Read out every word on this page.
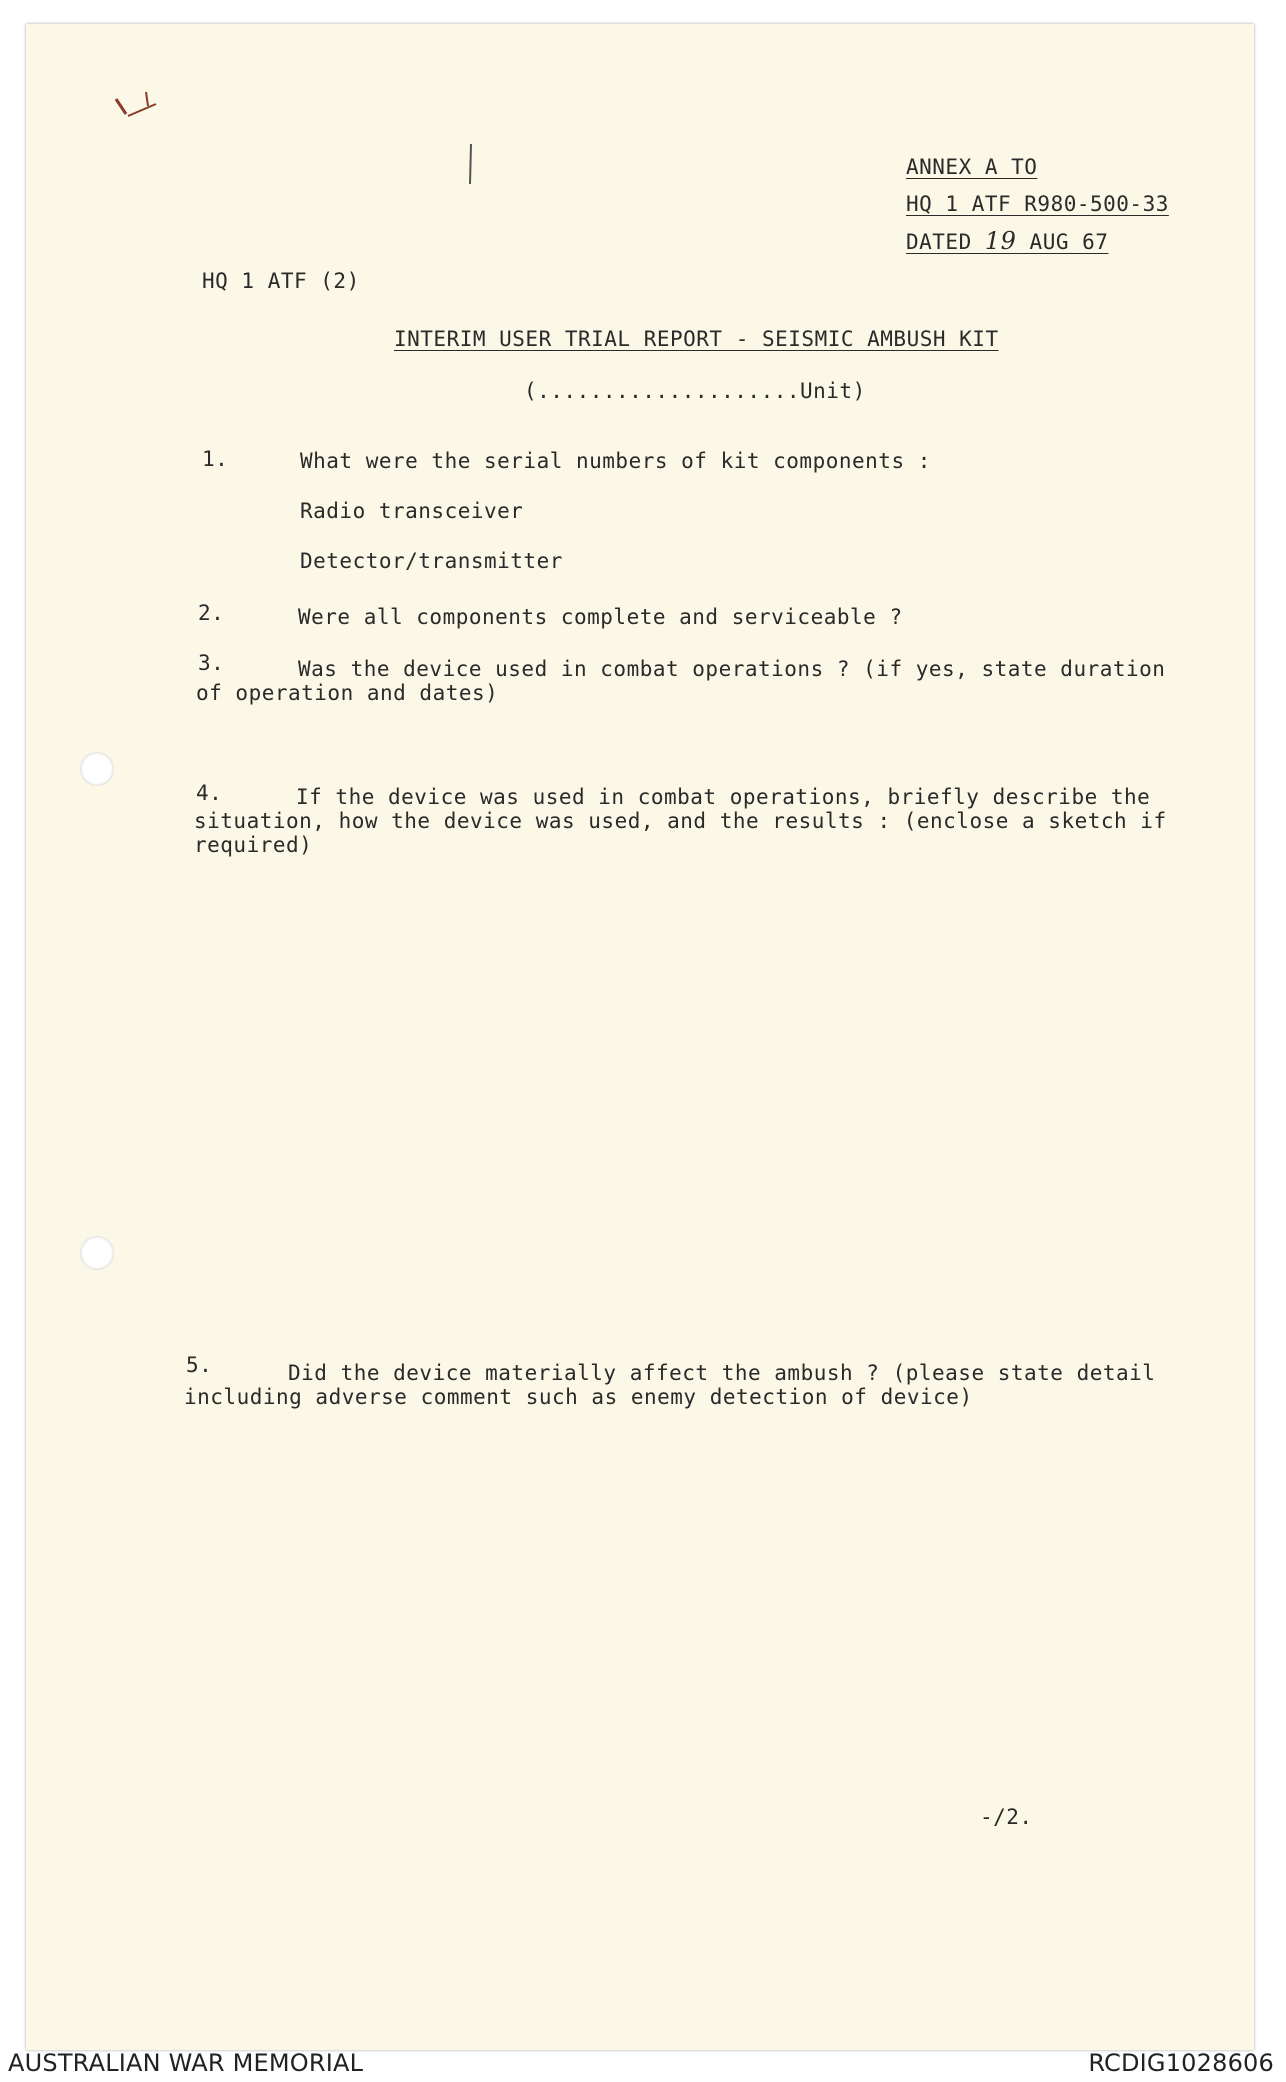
ANNEX A TO
HQ 1 ATF R980-500-33
DATED 19 AUG 67
HQ 1 ATF (2)
INTERIM USER TRIAL REPORT - SEISMIC AMBUSH KIT
(....................Unit)
1.	What were the serial numbers of kit components :
Radio transceiver
Detector/transmitter
2.	Were all components complete and serviceable ?
3.	Was the device used in combat operations ? (if yes, state duration
of operation and dates)
4.	If the device was used in combat operations, briefly describe the
situation, how the device was used, and the results : (enclose a sketch if
required)
5.	Did the device materially affect the ambush ? (please state detail
including adverse comment such as enemy detection of device)
-/2.
AUSTRALIAN WAR MEMORIAL	RCDIG1028606
